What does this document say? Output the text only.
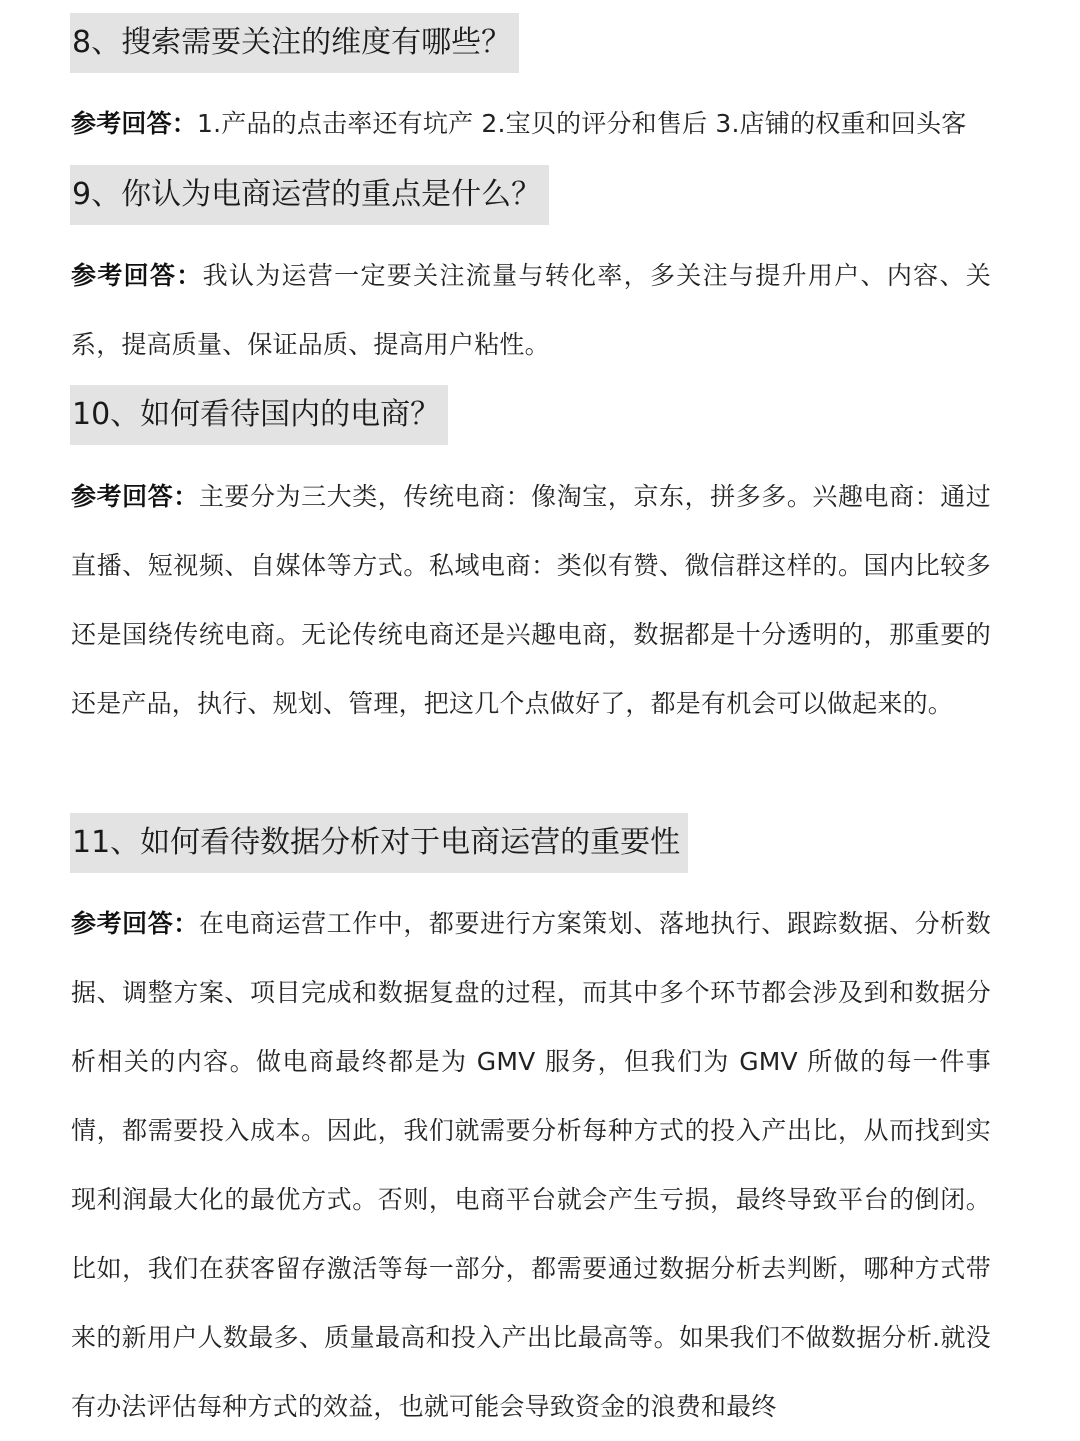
8、搜索需要关注的维度有哪些？
参考回答：1.产品的点击率还有坑产 2.宝贝的评分和售后 3.店铺的权重和回头客
9、你认为电商运营的重点是什么？
参考回答：我认为运营一定要关注流量与转化率，多关注与提升用户、内容、关系，提高质量、保证品质、提高用户粘性。
10、如何看待国内的电商？
参考回答：主要分为三大类，传统电商：像淘宝，京东，拼多多。兴趣电商：通过直播、短视频、自媒体等方式。私域电商：类似有赞、微信群这样的。国内比较多还是国绕传统电商。无论传统电商还是兴趣电商，数据都是十分透明的，那重要的还是产品，执行、规划、管理，把这几个点做好了，都是有机会可以做起来的。
11、如何看待数据分析对于电商运营的重要性
参考回答：在电商运营工作中，都要进行方案策划、落地执行、跟踪数据、分析数据、调整方案、项目完成和数据复盘的过程，而其中多个环节都会涉及到和数据分析相关的内容。做电商最终都是为 GMV 服务，但我们为 GMV 所做的每一件事情，都需要投入成本。因此，我们就需要分析每种方式的投入产出比，从而找到实现利润最大化的最优方式。否则，电商平台就会产生亏损，最终导致平台的倒闭。比如，我们在获客留存激活等每一部分，都需要通过数据分析去判断，哪种方式带来的新用户人数最多、质量最高和投入产出比最高等。如果我们不做数据分析.就没有办法评估每种方式的效益，也就可能会导致资金的浪费和最终
